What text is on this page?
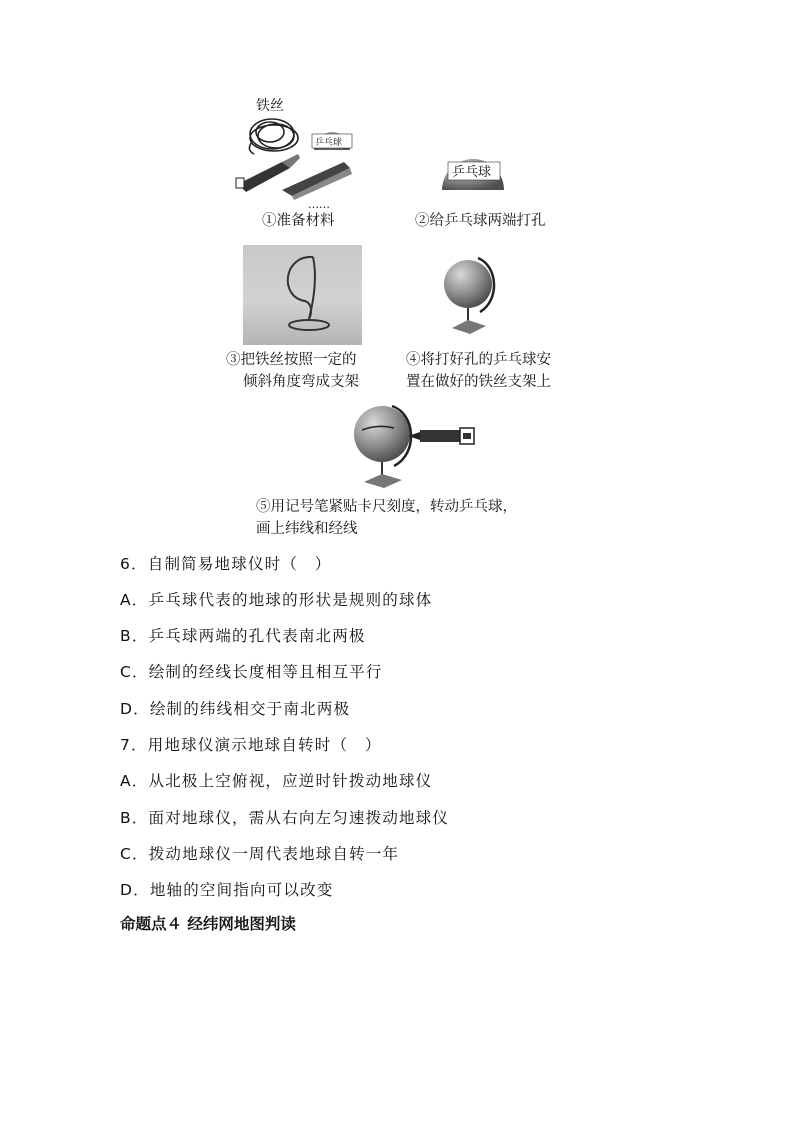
铁丝
乒乓球
……
①准备材料
乒乓球
②给乒乓球两端打孔
③把铁丝按照一定的
倾斜角度弯成支架
④将打好孔的乒乓球安
置在做好的铁丝支架上
⑤用记号笔紧贴卡尺刻度，转动乒乓球，
画上纬线和经线
6．自制简易地球仪时（　）
A．乒乓球代表的地球的形状是规则的球体
B．乒乓球两端的孔代表南北两极
C．绘制的经线长度相等且相互平行
D．绘制的纬线相交于南北两极
7．用地球仪演示地球自转时（　）
A．从北极上空俯视，应逆时针拨动地球仪
B．面对地球仪，需从右向左匀速拨动地球仪
C．拨动地球仪一周代表地球自转一年
D．地轴的空间指向可以改变
命题点４ 经纬网地图判读
